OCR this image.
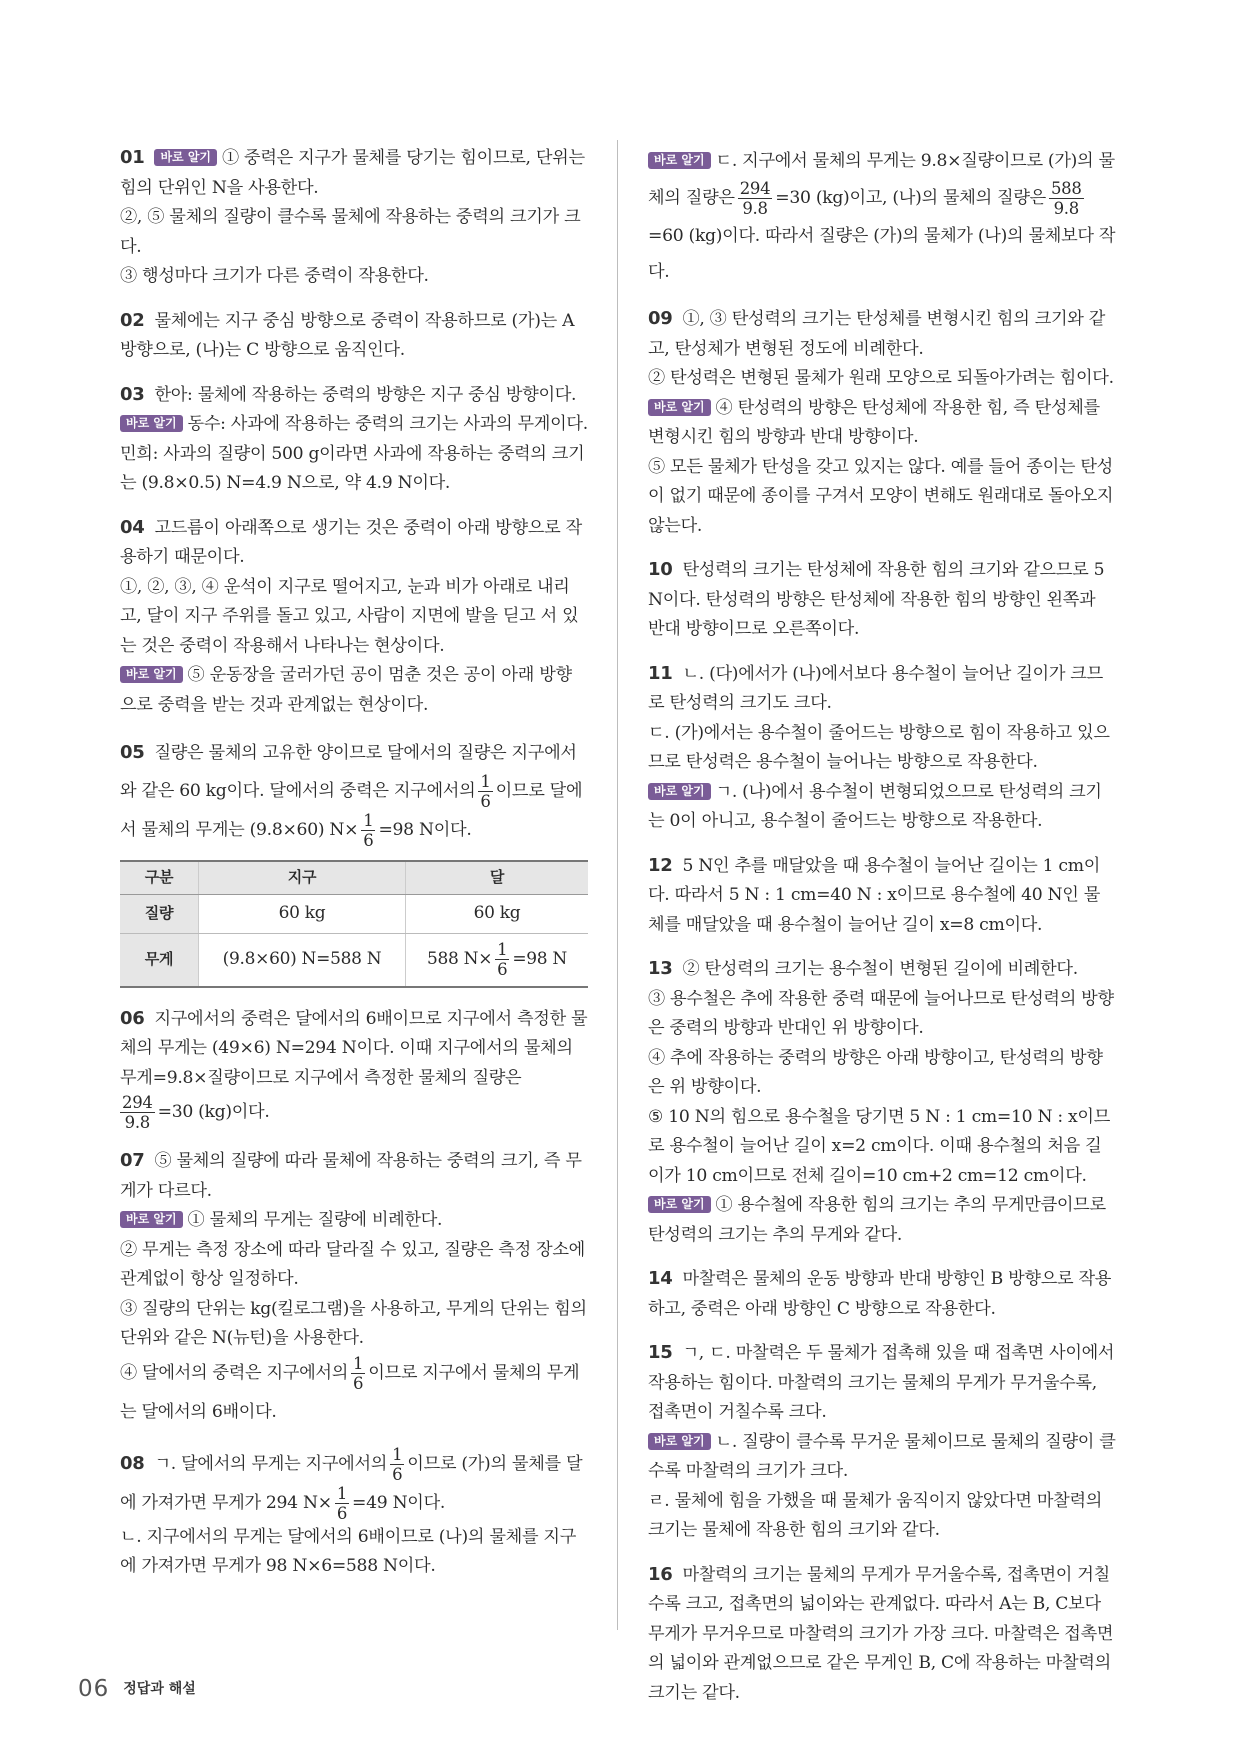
01 바로 알기 ① 중력은 지구가 물체를 당기는 힘이므로, 단위는 힘의 단위인 N을 사용한다.

②, ⑤ 물체의 질량이 클수록 물체에 작용하는 중력의 크기가 크다.

③ 행성마다 크기가 다른 중력이 작용한다.

02 물체에는 지구 중심 방향으로 중력이 작용하므로 (가)는 A 방향으로, (나)는 C 방향으로 움직인다.

03 한아: 물체에 작용하는 중력의 방향은 지구 중심 방향이다.

바로 알기 동수: 사과에 작용하는 중력의 크기는 사과의 무게이다.

민희: 사과의 질량이 500 g이라면 사과에 작용하는 중력의 크기는 (9.8×0.5) N=4.9 N으로, 약 4.9 N이다.

04 고드름이 아래쪽으로 생기는 것은 중력이 아래 방향으로 작용하기 때문이다.

①, ②, ③, ④ 운석이 지구로 떨어지고, 눈과 비가 아래로 내리고, 달이 지구 주위를 돌고 있고, 사람이 지면에 발을 딛고 서 있는 것은 중력이 작용해서 나타나는 현상이다.

바로 알기 ⑤ 운동장을 굴러가던 공이 멈춘 것은 공이 아래 방향으로 중력을 받는 것과 관계없는 현상이다.

05 질량은 물체의 고유한 양이므로 달에서의 질량은 지구에서와 같은 60 kg이다. 달에서의 중력은 지구에서의 $\frac{1}{6}$ 이므로 달에서 물체의 무게는 (9.8×60) $N\times \frac{1}{6} =98$ N이다.

구분	지구	달
질량	60 kg	60 kg
무게	(9.8×60) N=588 N	588 $N\times \frac{1}{6} =98$ N

06 지구에서의 중력은 달에서의 6배이므로 지구에서 측정한 물체의 무게는 (49×6) N=294 N이다. 이때 지구에서의 물체의 무게=9.8×질량이므로 지구에서 측정한 물체의 질량은

$\frac{294}{9.8} =30$ (kg)이다.

07 ⑤ 물체의 질량에 따라 물체에 작용하는 중력의 크기, 즉 무게가 다르다.

바로 알기 ① 물체의 무게는 질량에 비례한다.

② 무게는 측정 장소에 따라 달라질 수 있고, 질량은 측정 장소에 관계없이 항상 일정하다.

③ 질량의 단위는 kg(킬로그램)을 사용하고, 무게의 단위는 힘의 단위와 같은 N(뉴턴)을 사용한다.

④ 달에서의 중력은 지구에서의 $\frac{1}{6}$ 이므로 지구에서 물체의 무게는 달에서의 6배이다.

08 ㄱ. 달에서의 무게는 지구에서의 $\frac{1}{6}$ 이므로 (가)의 물체를 달에 가져가면 무게가 294 $N\times \frac{1}{6} =49$ N이다.

ㄴ. 지구에서의 무게는 달에서의 6배이므로 (나)의 물체를 지구에 가져가면 무게가 98 N×6=588 N이다.

바로 알기 ㄷ. 지구에서 물체의 무게는 9.8×질량이므로 (가)의 물체의 질량은 $\frac{294}{9.8} =30$ (kg)이고, (나)의 물체의 질량은 $\frac{588}{9.8}$
=60 (kg)이다. 따라서 질량은 (가)의 물체가 (나)의 물체보다 작다.

09 ①, ③ 탄성력의 크기는 탄성체를 변형시킨 힘의 크기와 같고, 탄성체가 변형된 정도에 비례한다.

② 탄성력은 변형된 물체가 원래 모양으로 되돌아가려는 힘이다.

바로 알기 ④ 탄성력의 방향은 탄성체에 작용한 힘, 즉 탄성체를 변형시킨 힘의 방향과 반대 방향이다.

⑤ 모든 물체가 탄성을 갖고 있지는 않다. 예를 들어 종이는 탄성이 없기 때문에 종이를 구겨서 모양이 변해도 원래대로 돌아오지 않는다.

10 탄성력의 크기는 탄성체에 작용한 힘의 크기와 같으므로 5 N이다. 탄성력의 방향은 탄성체에 작용한 힘의 방향인 왼쪽과 반대 방향이므로 오른쪽이다.

11 ㄴ. (다)에서가 (나)에서보다 용수철이 늘어난 길이가 크므로 탄성력의 크기도 크다.

ㄷ. (가)에서는 용수철이 줄어드는 방향으로 힘이 작용하고 있으므로 탄성력은 용수철이 늘어나는 방향으로 작용한다.

바로 알기 ㄱ. (나)에서 용수철이 변형되었으므로 탄성력의 크기는 0이 아니고, 용수철이 줄어드는 방향으로 작용한다.

12 5 N인 추를 매달았을 때 용수철이 늘어난 길이는 1 cm이다. 따라서 5 N : 1 cm=40 N : x이므로 용수철에 40 N인 물체를 매달았을 때 용수철이 늘어난 길이 x=8 cm이다.

13 ② 탄성력의 크기는 용수철이 변형된 길이에 비례한다.

③ 용수철은 추에 작용한 중력 때문에 늘어나므로 탄성력의 방향은 중력의 방향과 반대인 위 방향이다.

④ 추에 작용하는 중력의 방향은 아래 방향이고, 탄성력의 방향은 위 방향이다.

⑤ 10 N의 힘으로 용수철을 당기면 5 N : 1 cm=10 N : x이므로 용수철이 늘어난 길이 x=2 cm이다. 이때 용수철의 처음 길이가 10 cm이므로 전체 길이=10 cm+2 cm=12 cm이다.

바로 알기 ① 용수철에 작용한 힘의 크기는 추의 무게만큼이므로 탄성력의 크기는 추의 무게와 같다.

14 마찰력은 물체의 운동 방향과 반대 방향인 B 방향으로 작용하고, 중력은 아래 방향인 C 방향으로 작용한다.

15 ㄱ, ㄷ. 마찰력은 두 물체가 접촉해 있을 때 접촉면 사이에서 작용하는 힘이다. 마찰력의 크기는 물체의 무게가 무거울수록, 접촉면이 거칠수록 크다.

바로 알기 ㄴ. 질량이 클수록 무거운 물체이므로 물체의 질량이 클수록 마찰력의 크기가 크다.

ㄹ. 물체에 힘을 가했을 때 물체가 움직이지 않았다면 마찰력의 크기는 물체에 작용한 힘의 크기와 같다.

16 마찰력의 크기는 물체의 무게가 무거울수록, 접촉면이 거칠수록 크고, 접촉면의 넓이와는 관계없다. 따라서 A는 B, C보다 무게가 무거우므로 마찰력의 크기가 가장 크다. 마찰력은 접촉면의 넓이와 관계없으므로 같은 무게인 B, C에 작용하는 마찰력의 크기는 같다.

06 정답과 해설
